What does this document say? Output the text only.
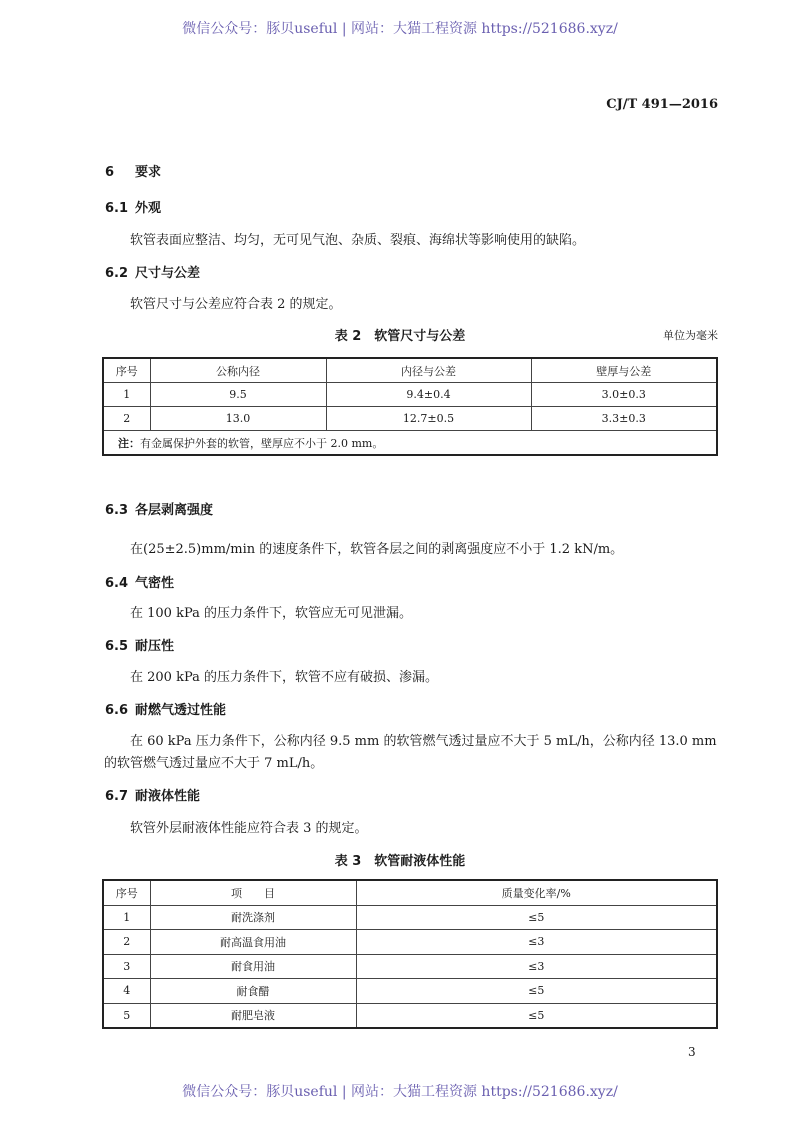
微信公众号：豚贝useful | 网站：大猫工程资源 https://521686.xyz/
CJ/T 491—2016
6 要求
6.1 外观
软管表面应整洁、均匀，无可见气泡、杂质、裂痕、海绵状等影响使用的缺陷。
6.2 尺寸与公差
软管尺寸与公差应符合表 2 的规定。
表 2　软管尺寸与公差	单位为毫米
序号	公称内径	内径与公差	壁厚与公差
1	9.5	9.4±0.4	3.0±0.3
2	13.0	12.7±0.5	3.3±0.3
注：有金属保护外套的软管，壁厚应不小于 2.0 mm。			
6.3 各层剥离强度
在(25±2.5)mm/min 的速度条件下，软管各层之间的剥离强度应不小于 1.2 kN/m。
6.4 气密性
在 100 kPa 的压力条件下，软管应无可见泄漏。
6.5 耐压性
在 200 kPa 的压力条件下，软管不应有破损、渗漏。
6.6 耐燃气透过性能
在 60 kPa 压力条件下，公称内径 9.5 mm 的软管燃气透过量应不大于 5 mL/h，公称内径 13.0 mm
的软管燃气透过量应不大于 7 mL/h。
6.7 耐液体性能
软管外层耐液体性能应符合表 3 的规定。
表 3　软管耐液体性能
序号	项　　目	质量变化率/%
1	耐洗涤剂	≤5
2	耐高温食用油	≤3
3	耐食用油	≤3
4	耐食醋	≤5
5	耐肥皂液	≤5
3
微信公众号：豚贝useful | 网站：大猫工程资源 https://521686.xyz/
